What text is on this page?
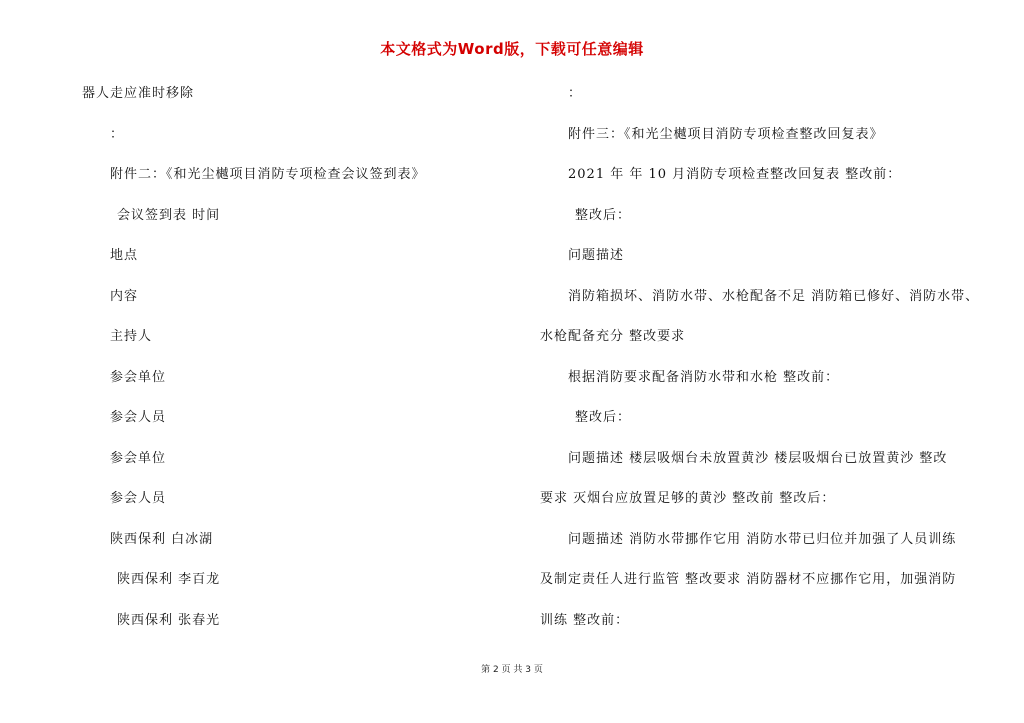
本文格式为Word版，下载可任意编辑
器人走应准时移除
：
附件二：《和光尘樾项目消防专项检查会议签到表》
会议签到表 时间
地点
内容
主持人
参会单位
参会人员
参会单位
参会人员
陕西保利 白冰湖
陕西保利 李百龙
陕西保利 张春光
：
附件三：《和光尘樾项目消防专项检查整改回复表》
2021 年 年 10 月消防专项检查整改回复表 整改前：
整改后：
问题描述
消防箱损坏、消防水带、水枪配备不足 消防箱已修好、消防水带、
水枪配备充分 整改要求
根据消防要求配备消防水带和水枪 整改前：
整改后：
问题描述 楼层吸烟台未放置黄沙 楼层吸烟台已放置黄沙 整改
要求 灭烟台应放置足够的黄沙 整改前 整改后：
问题描述 消防水带挪作它用 消防水带已归位并加强了人员训练
及制定责任人进行监管 整改要求 消防器材不应挪作它用，加强消防
训练 整改前：
第 2 页 共 3 页
